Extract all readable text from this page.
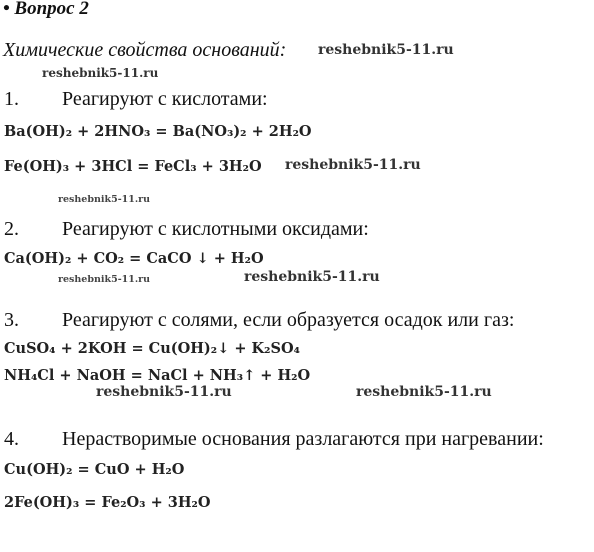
• Вопрос 2
Химические свойства оснований: reshebnik5-11.ru
reshebnik5-11.ru
1. Реагируют с кислотами:
Ba(OH)₂ + 2HNO₃ = Ba(NO₃)₂ + 2H₂O
Fe(OH)₃ + 3HCl = FeCl₃ + 3H₂O reshebnik5-11.ru
reshebnik5-11.ru
2. Реагируют с кислотными оксидами:
Ca(OH)₂ + CO₂ = CaCO ↓ + H₂O
reshebnik5-11.ru	reshebnik5-11.ru
3. Реагируют с солями, если образуется осадок или газ:
CuSO₄ + 2KOH = Cu(OH)₂↓ + K₂SO₄
NH₄Cl + NaOH = NaCl + NH₃↑ + H₂O
reshebnik5-11.ru	reshebnik5-11.ru
4. Нерастворимые основания разлагаются при нагревании:
Cu(OH)₂ = CuO + H₂O
2Fe(OH)₃ = Fe₂O₃ + 3H₂O
